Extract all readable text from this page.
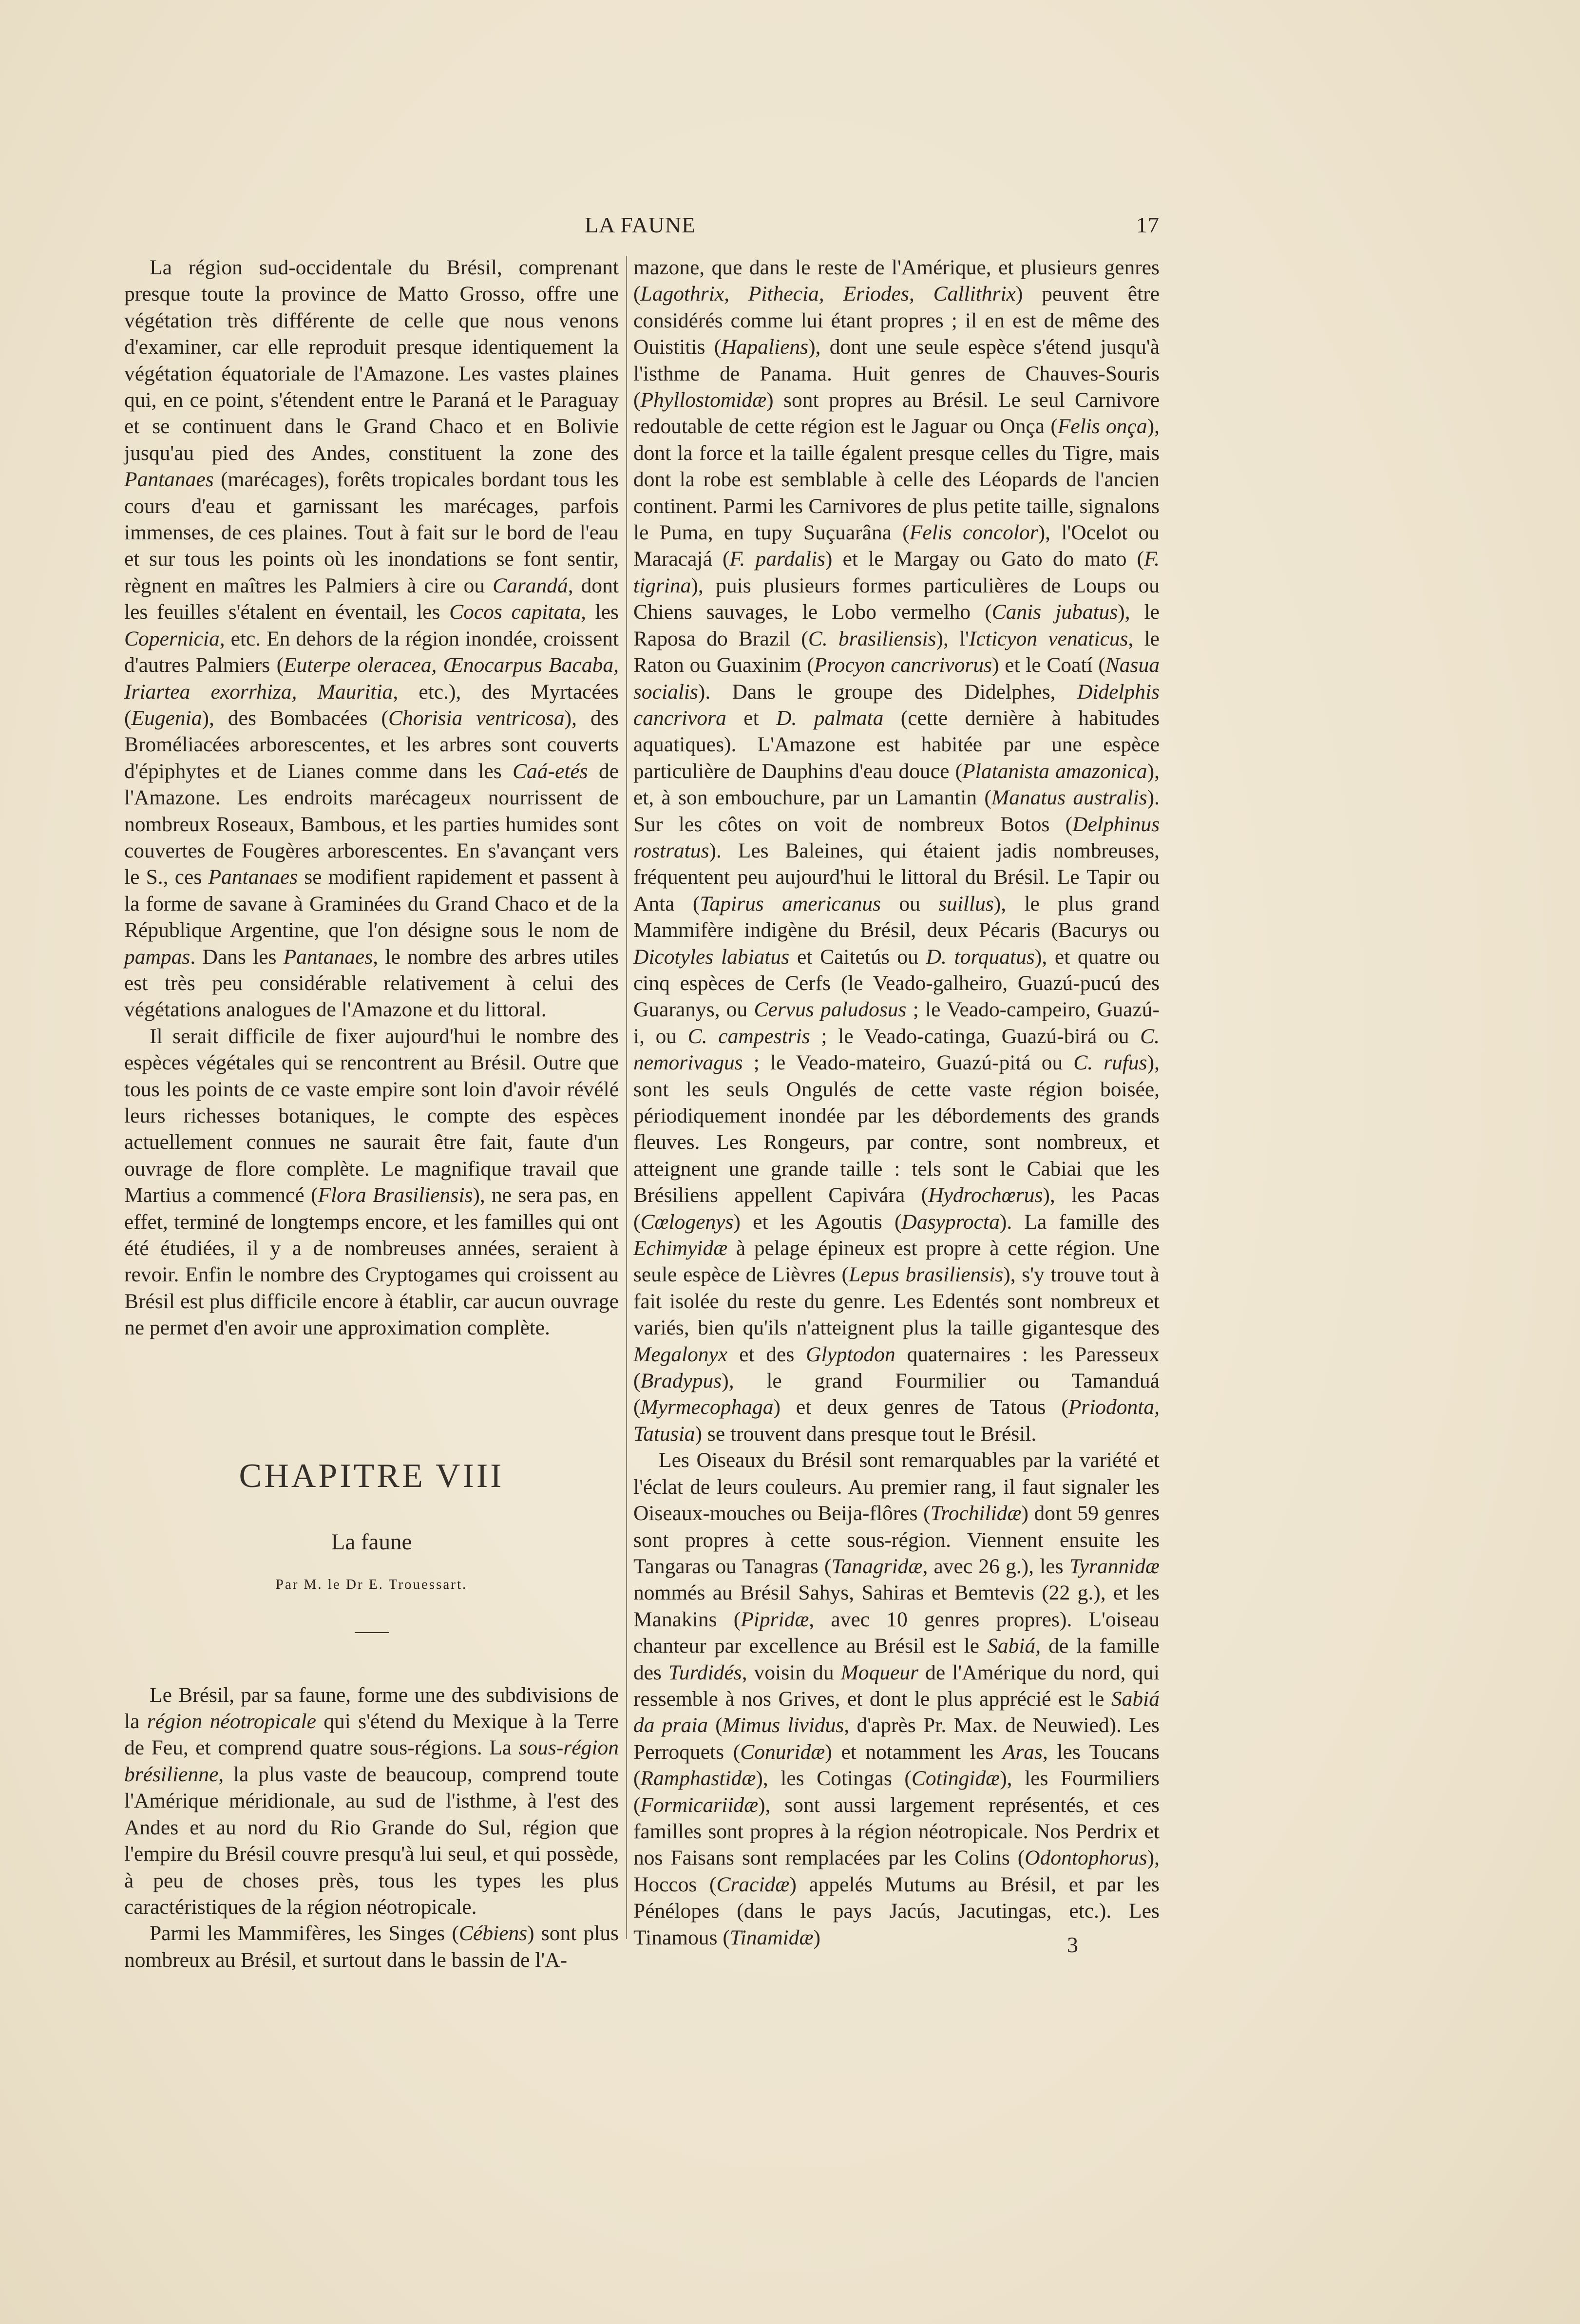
LA FAUNE	17

La région sud-occidentale du Brésil, comprenant presque toute la province de Matto Grosso, offre une végétation très différente de celle que nous venons d'examiner, car elle reproduit presque identiquement la végétation équatoriale de l'Amazone. Les vastes plaines qui, en ce point, s'étendent entre le Paraná et le Paraguay et se continuent dans le Grand Chaco et en Bolivie jusqu'au pied des Andes, constituent la zone des Pantanaes (marécages), forêts tropicales bordant tous les cours d'eau et garnissant les marécages, parfois immenses, de ces plaines. Tout à fait sur le bord de l'eau et sur tous les points où les inondations se font sentir, règnent en maîtres les Palmiers à cire ou Carandá, dont les feuilles s'étalent en éventail, les Cocos capitata, les Copernicia, etc. En dehors de la région inondée, croissent d'autres Palmiers (Euterpe oleracea, Œnocarpus Bacaba, Iriartea exorrhiza, Mauritia, etc.), des Myrtacées (Eugenia), des Bombacées (Chorisia ventricosa), des Broméliacées arborescentes, et les arbres sont couverts d'épiphytes et de Lianes comme dans les Caá-etés de l'Amazone. Les endroits marécageux nourrissent de nombreux Roseaux, Bambous, et les parties humides sont couvertes de Fougères arborescentes. En s'avançant vers le S., ces Pantanaes se modifient rapidement et passent à la forme de savane à Graminées du Grand Chaco et de la République Argentine, que l'on désigne sous le nom de pampas. Dans les Pantanaes, le nombre des arbres utiles est très peu considérable relativement à celui des végétations analogues de l'Amazone et du littoral.

Il serait difficile de fixer aujourd'hui le nombre des espèces végétales qui se rencontrent au Brésil. Outre que tous les points de ce vaste empire sont loin d'avoir révélé leurs richesses botaniques, le compte des espèces actuellement connues ne saurait être fait, faute d'un ouvrage de flore complète. Le magnifique travail que Martius a commencé (Flora Brasiliensis), ne sera pas, en effet, terminé de longtemps encore, et les familles qui ont été étudiées, il y a de nombreuses années, seraient à revoir. Enfin le nombre des Cryptogames qui croissent au Brésil est plus difficile encore à établir, car aucun ouvrage ne permet d'en avoir une approximation complète.

CHAPITRE VIII
La faune
Par M. le Dr E. Trouessart.

Le Brésil, par sa faune, forme une des subdivisions de la région néotropicale qui s'étend du Mexique à la Terre de Feu, et comprend quatre sous-régions. La sous-région brésilienne, la plus vaste de beaucoup, comprend toute l'Amérique méridionale, au sud de l'isthme, à l'est des Andes et au nord du Rio Grande do Sul, région que l'empire du Brésil couvre presqu'à lui seul, et qui possède, à peu de choses près, tous les types les plus caractéristiques de la région néotropicale.

Parmi les Mammifères, les Singes (Cébiens) sont plus nombreux au Brésil, et surtout dans le bassin de l'A-

mazone, que dans le reste de l'Amérique, et plusieurs genres (Lagothrix, Pithecia, Eriodes, Callithrix) peuvent être considérés comme lui étant propres ; il en est de même des Ouistitis (Hapaliens), dont une seule espèce s'étend jusqu'à l'isthme de Panama. Huit genres de Chauves-Souris (Phyllostomidæ) sont propres au Brésil. Le seul Carnivore redoutable de cette région est le Jaguar ou Onça (Felis onça), dont la force et la taille égalent presque celles du Tigre, mais dont la robe est semblable à celle des Léopards de l'ancien continent. Parmi les Carnivores de plus petite taille, signalons le Puma, en tupy Suçuarâna (Felis concolor), l'Ocelot ou Maracajá (F. pardalis) et le Margay ou Gato do mato (F. tigrina), puis plusieurs formes particulières de Loups ou Chiens sauvages, le Lobo vermelho (Canis jubatus), le Raposa do Brazil (C. brasiliensis), l'Icticyon venaticus, le Raton ou Guaxinim (Procyon cancrivorus) et le Coatí (Nasua socialis). Dans le groupe des Didelphes, Didelphis cancrivora et D. palmata (cette dernière à habitudes aquatiques). L'Amazone est habitée par une espèce particulière de Dauphins d'eau douce (Platanista amazonica), et, à son embouchure, par un Lamantin (Manatus australis). Sur les côtes on voit de nombreux Botos (Delphinus rostratus). Les Baleines, qui étaient jadis nombreuses, fréquentent peu aujourd'hui le littoral du Brésil. Le Tapir ou Anta (Tapirus americanus ou suillus), le plus grand Mammifère indigène du Brésil, deux Pécaris (Bacurys ou Dicotyles labiatus et Caitetús ou D. torquatus), et quatre ou cinq espèces de Cerfs (le Veado-galheiro, Guazú-pucú des Guaranys, ou Cervus paludosus ; le Veado-campeiro, Guazú-i, ou C. campestris ; le Veado-catinga, Guazú-birá ou C. nemorivagus ; le Veado-mateiro, Guazú-pitá ou C. rufus), sont les seuls Ongulés de cette vaste région boisée, périodiquement inondée par les débordements des grands fleuves. Les Rongeurs, par contre, sont nombreux, et atteignent une grande taille : tels sont le Cabiai que les Brésiliens appellent Capivára (Hydrochœrus), les Pacas (Cœlogenys) et les Agoutis (Dasyprocta). La famille des Echimyidæ à pelage épineux est propre à cette région. Une seule espèce de Lièvres (Lepus brasiliensis), s'y trouve tout à fait isolée du reste du genre. Les Edentés sont nombreux et variés, bien qu'ils n'atteignent plus la taille gigantesque des Megalonyx et des Glyptodon quaternaires : les Paresseux (Bradypus), le grand Fourmilier ou Tamanduá (Myrmecophaga) et deux genres de Tatous (Priodonta, Tatusia) se trouvent dans presque tout le Brésil.

Les Oiseaux du Brésil sont remarquables par la variété et l'éclat de leurs couleurs. Au premier rang, il faut signaler les Oiseaux-mouches ou Beija-flôres (Trochilidæ) dont 59 genres sont propres à cette sous-région. Viennent ensuite les Tangaras ou Tanagras (Tanagridæ, avec 26 g.), les Tyrannidæ nommés au Brésil Sahys, Sahiras et Bemtevis (22 g.), et les Manakins (Pipridæ, avec 10 genres propres). L'oiseau chanteur par excellence au Brésil est le Sabiá, de la famille des Turdidés, voisin du Moqueur de l'Amérique du nord, qui ressemble à nos Grives, et dont le plus apprécié est le Sabiá da praia (Mimus lividus, d'après Pr. Max. de Neuwied). Les Perroquets (Conuridæ) et notamment les Aras, les Toucans (Ramphastidæ), les Cotingas (Cotingidæ), les Fourmiliers (Formicariidæ), sont aussi largement représentés, et ces familles sont propres à la région néotropicale. Nos Perdrix et nos Faisans sont remplacées par les Colins (Odontophorus), Hoccos (Cracidæ) appelés Mutums au Brésil, et par les Pénélopes (dans le pays Jacús, Jacutingas, etc.). Les Tinamous (Tinamidæ)	3
